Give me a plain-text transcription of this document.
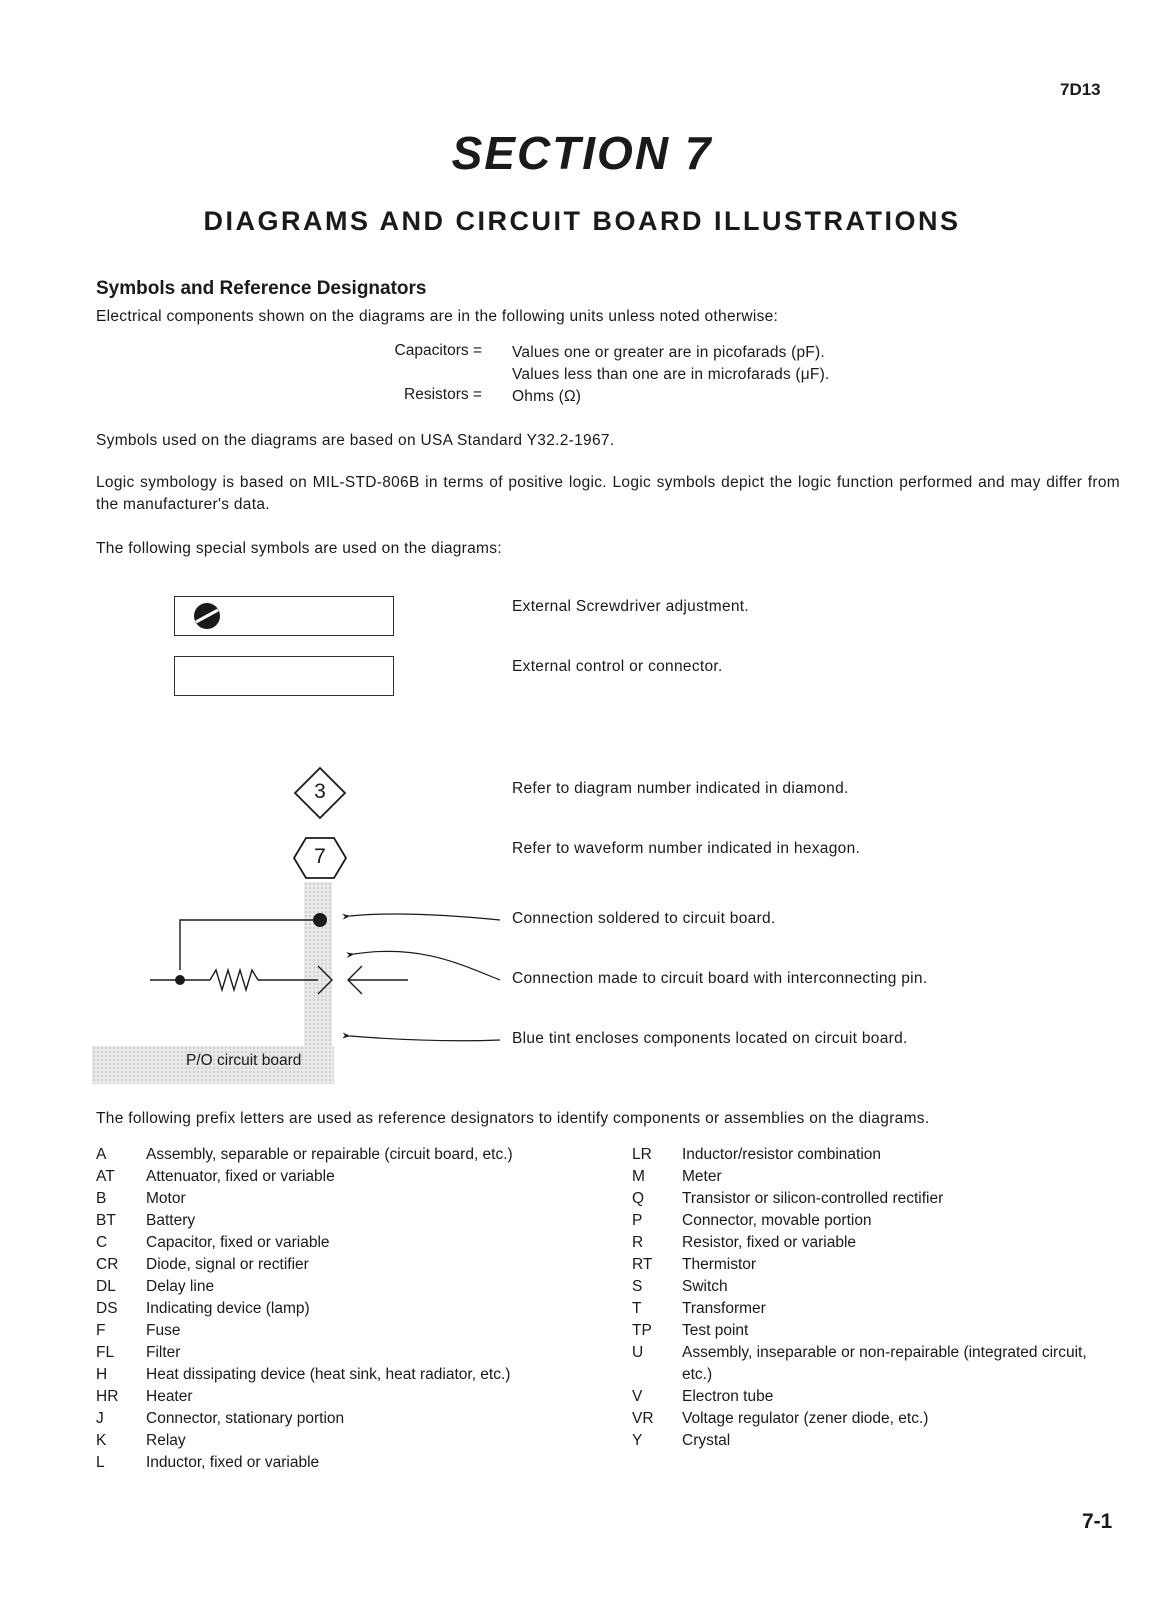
7D13
SECTION 7
DIAGRAMS AND CIRCUIT BOARD ILLUSTRATIONS
Symbols and Reference Designators
Electrical components shown on the diagrams are in the following units unless noted otherwise:
Capacitors = Values one or greater are in picofarads (pF).
Values less than one are in microfarads (μF).
Resistors = Ohms (Ω)
Symbols used on the diagrams are based on USA Standard Y32.2-1967.
Logic symbology is based on MIL-STD-806B in terms of positive logic. Logic symbols depict the logic function performed and may differ from the manufacturer's data.
The following special symbols are used on the diagrams:
External Screwdriver adjustment.
External control or connector.
P/O circuit board
3
7
Refer to diagram number indicated in diamond.
Refer to waveform number indicated in hexagon.
Connection soldered to circuit board.
Connection made to circuit board with interconnecting pin.
Blue tint encloses components located on circuit board.
The following prefix letters are used as reference designators to identify components or assemblies on the diagrams.
A	Assembly, separable or repairable (circuit board, etc.)
AT	Attenuator, fixed or variable
B	Motor
BT	Battery
C	Capacitor, fixed or variable
CR	Diode, signal or rectifier
DL	Delay line
DS	Indicating device (lamp)
F	Fuse
FL	Filter
H	Heat dissipating device (heat sink, heat radiator, etc.)
HR	Heater
J	Connector, stationary portion
K	Relay
L	Inductor, fixed or variable
LR	Inductor/resistor combination
M	Meter
Q	Transistor or silicon-controlled rectifier
P	Connector, movable portion
R	Resistor, fixed or variable
RT	Thermistor
S	Switch
T	Transformer
TP	Test point
U	Assembly, inseparable or non-repairable (integrated circuit, etc.)
V	Electron tube
VR	Voltage regulator (zener diode, etc.)
Y	Crystal
7-1
